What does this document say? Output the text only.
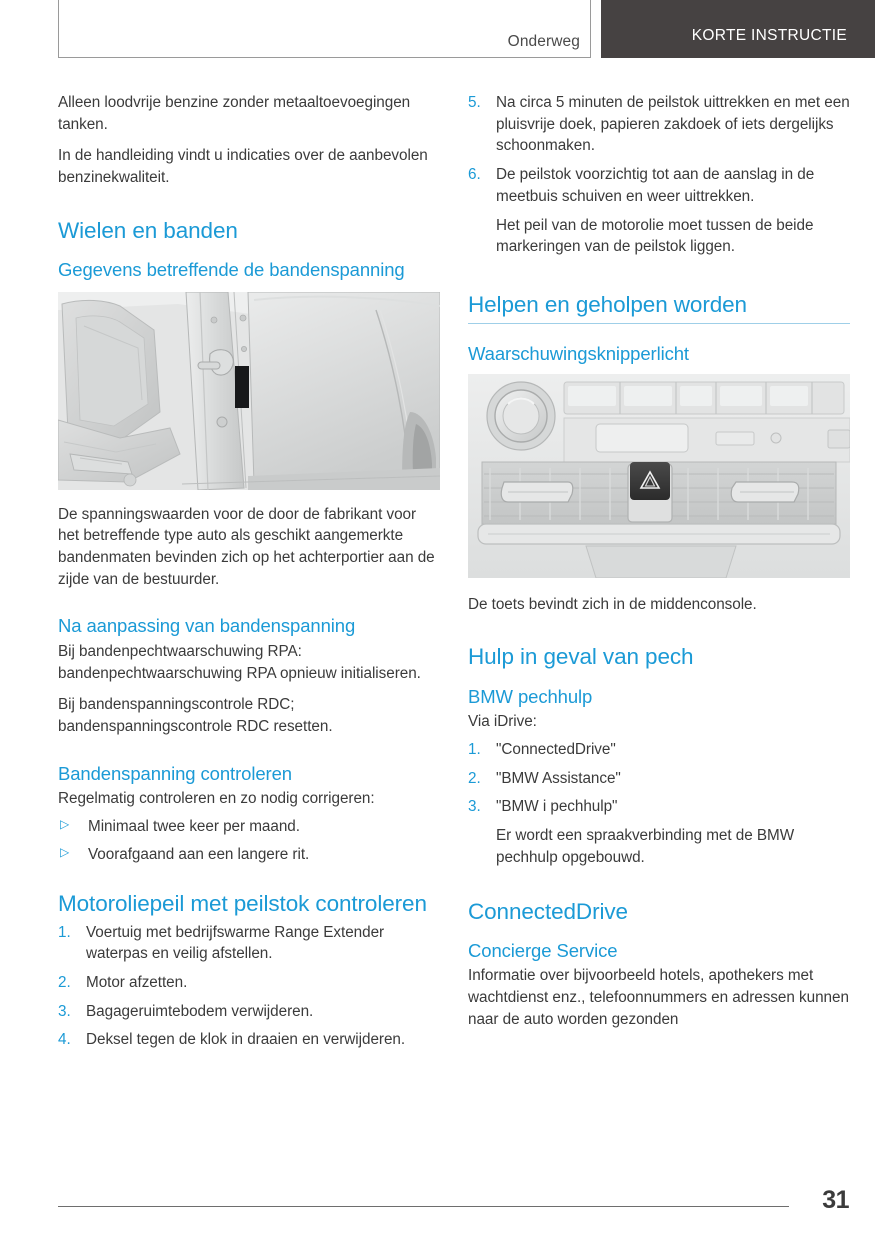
Onderweg	KORTE INSTRUCTIE

Alleen loodvrije benzine zonder metaaltoevoegingen tanken.

In de handleiding vindt u indicaties over de aanbevolen benzinekwaliteit.

Wielen en banden
Gegevens betreffende de bandenspanning

De spanningswaarden voor de door de fabrikant voor het betreffende type auto als geschikt aangemerkte bandenmaten bevinden zich op het achterportier aan de zijde van de bestuurder.

Na aanpassing van bandenspanning

Bij bandenpechtwaarschuwing RPA: bandenpechtwaarschuwing RPA opnieuw initialiseren.

Bij bandenspanningscontrole RDC; bandenspanningscontrole RDC resetten.

Bandenspanning controleren

Regelmatig controleren en zo nodig corrigeren:

▷	Minimaal twee keer per maand.
▷	Voorafgaand aan een langere rit.
Motoroliepeil met peilstok controleren
1.	Voertuig met bedrijfswarme Range Extender waterpas en veilig afstellen.
2.	Motor afzetten.
3.	Bagageruimtebodem verwijderen.
4.	Deksel tegen de klok in draaien en verwijderen.
5.	Na circa 5 minuten de peilstok uittrekken en met een pluisvrije doek, papieren zakdoek of iets dergelijks schoonmaken.
6.	De peilstok voorzichtig tot aan de aanslag in de meetbuis schuiven en weer uittrekken.
Het peil van de motorolie moet tussen de beide markeringen van de peilstok liggen.
Helpen en geholpen worden
Waarschuwingsknipperlicht

De toets bevindt zich in de middenconsole.

Hulp in geval van pech
BMW pechhulp

Via iDrive:

1.	"ConnectedDrive"
2.	"BMW Assistance"
3.	"BMW i pechhulp"
Er wordt een spraakverbinding met de BMW pechhulp opgebouwd.
ConnectedDrive
Concierge Service

Informatie over bijvoorbeeld hotels, apothekers met wachtdienst enz., telefoonnummers en adressen kunnen naar de auto worden gezonden

31
